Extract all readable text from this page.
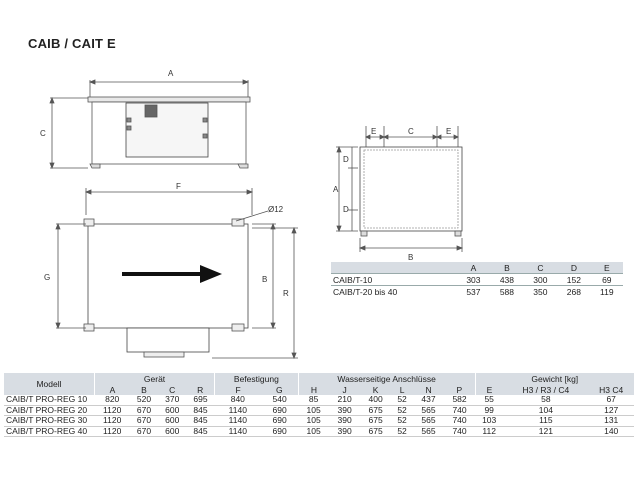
CAIB / CAIT E
A
C
F
Ø12
G	B
R
E	C	E
D
A
D
B
	A	B	C	D	E
CAIB/T-10	303	438	300	152	69
CAIB/T-20 bis 40	537	588	350	268	119
Modell	Gerät				Befestigung		Wasserseitige Anschlüsse						Gewicht [kg]		
	A	B	C	R	F	G	H	J	K	L	N	P	E	H3 / R3 / C4	H3 C4
CAIB/T PRO-REG 10	820	520	370	695	840	540	85	210	400	52	437	582	55	58	67
CAIB/T PRO-REG 20	1120	670	600	845	1140	690	105	390	675	52	565	740	99	104	127
CAIB/T PRO-REG 30	1120	670	600	845	1140	690	105	390	675	52	565	740	103	115	131
CAIB/T PRO-REG 40	1120	670	600	845	1140	690	105	390	675	52	565	740	112	121	140
